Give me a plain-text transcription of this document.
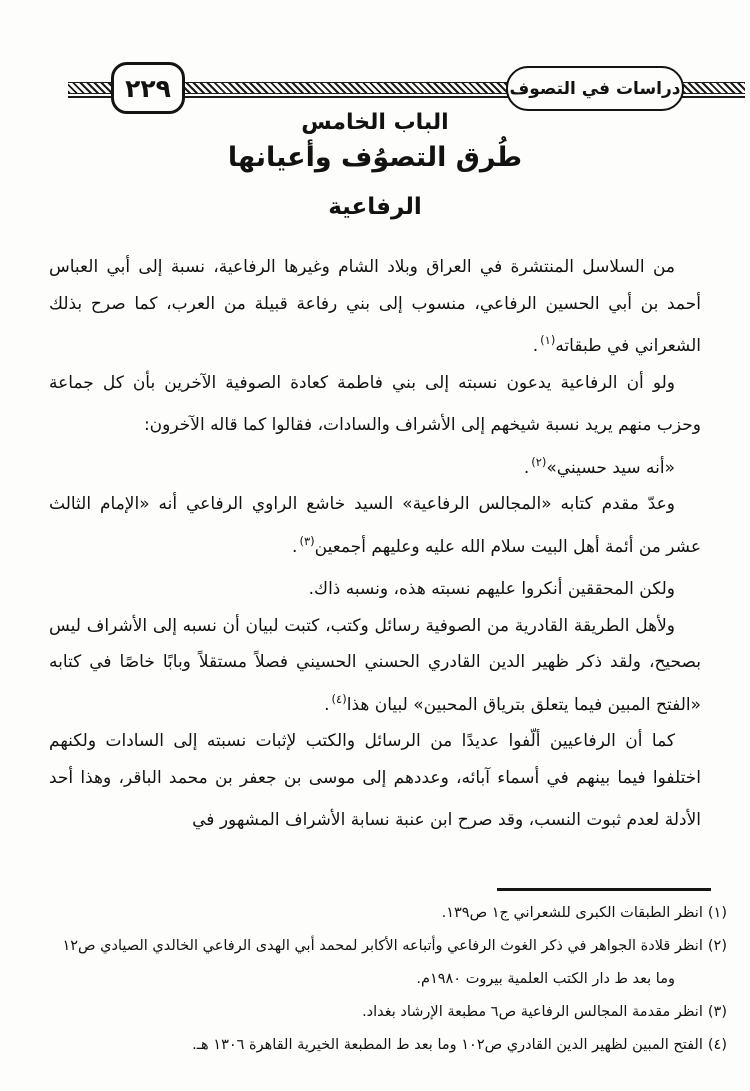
٢٢٩	دراسات في التصوف
الباب الخامس
طُرق التصوُف وأعيانها
الرفاعية

من السلاسل المنتشرة في العراق وبلاد الشام وغيرها الرفاعية، نسبة إلى أبي العباس أحمد بن أبي الحسين الرفاعي، منسوب إلى بني رفاعة قبيلة من العرب، كما صرح بذلك الشعراني في طبقاته$^{(١)}$.

ولو أن الرفاعية يدعون نسبته إلى بني فاطمة كعادة الصوفية الآخرين بأن كل جماعة وحزب منهم يريد نسبة شيخهم إلى الأشراف والسادات، فقالوا كما قاله الآخرون:

«أنه سيد حسيني»$^{(٢)}$.

وعدّ مقدم كتابه «المجالس الرفاعية» السيد خاشع الراوي الرفاعي أنه «الإمام الثالث عشر من أئمة أهل البيت سلام الله عليه وعليهم أجمعين$^{(٣)}$.

ولكن المحققين أنكروا عليهم نسبته هذه، ونسبه ذاك.

ولأهل الطريقة القادرية من الصوفية رسائل وكتب، كتبت لبيان أن نسبه إلى الأشراف ليس بصحيح، ولقد ذكر ظهير الدين القادري الحسني الحسيني فصلاً مستقلاً وبابًا خاصًا في كتابه «الفتح المبين فيما يتعلق بترياق المحبين» لبيان هذا$^{(٤)}$.

كما أن الرفاعيين ألّفوا عديدًا من الرسائل والكتب لإثبات نسبته إلى السادات ولكنهم اختلفوا فيما بينهم في أسماء آبائه، وعددهم إلى موسى بن جعفر بن محمد الباقر، وهذا أحد الأدلة لعدم ثبوت النسب، وقد صرح ابن عنبة نسابة الأشراف المشهور في

(١)انظر الطبقات الكبرى للشعراني ج١ ص١٣٩.

(٢)انظر قلادة الجواهر في ذكر الغوث الرفاعي وأتباعه الأكابر لمحمد أبي الهدى الرفاعي الخالدي الصيادي ص١٢ وما بعد ط دار الكتب العلمية بيروت ١٩٨٠م.

(٣)انظر مقدمة المجالس الرفاعية ص٦ مطبعة الإرشاد بغداد.

(٤)الفتح المبين لظهير الدين القادري ص١٠٢ وما بعد ط المطبعة الخيرية القاهرة ١٣٠٦ هـ.
